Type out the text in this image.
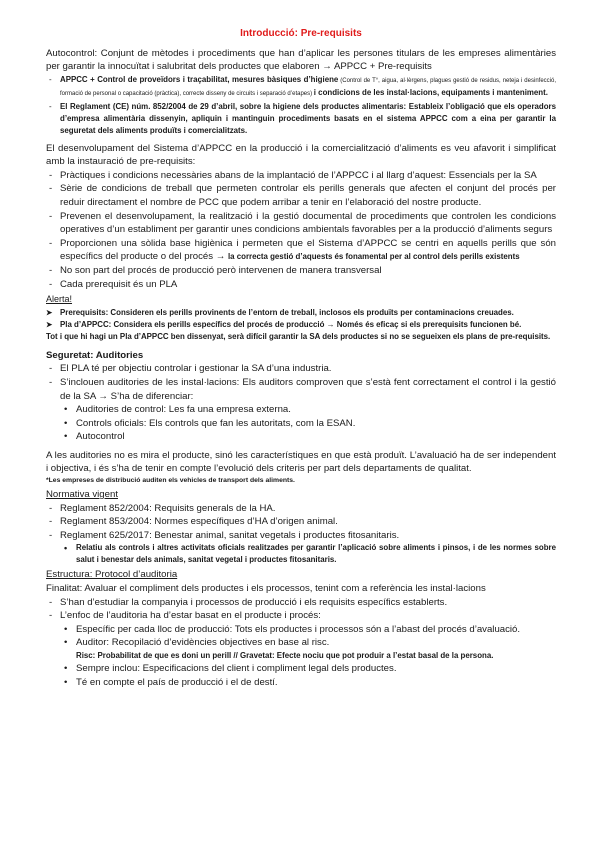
Introducció: Pre-requisits

Autocontrol: Conjunt de mètodes i procediments que han d’aplicar les persones titulars de les empreses alimentàries per garantir la innocuïtat i salubritat dels productes que elaboren → APPCC + Pre-requisits

- APPCC + Control de proveïdors i traçabilitat, mesures bàsiques d’higiene (Control de T°, aigua, al·lèrgens, plagues gestió de residus, neteja i desinfecció, formació de personal o capacitació (pràctica), correcte disseny de circuits i separació d’etapes) i condicions de les instal·lacions, equipaments i manteniment.
- El Reglament (CE) núm. 852/2004 de 29 d’abril, sobre la higiene dels productes alimentaris: Estableix l’obligació que els operadors d’empresa alimentària dissenyin, apliquin i mantinguin procediments basats en el sistema APPCC com a eina per garantir la seguretat dels aliments produïts i comercialitzats.

El desenvolupament del Sistema d’APPCC en la producció i la comercialització d’aliments es veu afavorit i simplificat amb la instauració de pre-requisits:

- Pràctiques i condicions necessàries abans de la implantació de l’APPCC i al llarg d’aquest: Essencials per la SA
- Sèrie de condicions de treball que permeten controlar els perills generals que afecten el conjunt del procés per reduir directament el nombre de PCC que podem arribar a tenir en l’elaboració del nostre producte.
- Prevenen el desenvolupament, la realització i la gestió documental de procediments que controlen les condicions operatives d’un establiment per garantir unes condicions ambientals favorables per a la producció d’aliments segurs
- Proporcionen una sòlida base higiènica i permeten que el Sistema d’APPCC se centri en aquells perills que són específics del producte o del procés → la correcta gestió d’aquests és fonamental per al control dels perills existents
- No son part del procés de producció però intervenen de manera transversal
- Cada prerequisit és un PLA
Alerta!
➤ Prerequisits: Consideren els perills provinents de l’entorn de treball, inclosos els produïts per contaminacions creuades.
➤ Pla d’APPCC: Considera els perills específics del procés de producció → Només és eficaç si els prerequisits funcionen bé.

Tot i que hi hagi un Pla d’APPCC ben dissenyat, serà difícil garantir la SA dels productes si no se segueixen els plans de pre-requisits.

Seguretat: Auditories
- El PLA té per objectiu controlar i gestionar la SA d’una industria.
- S’inclouen auditories de les instal·lacions: Els auditors comproven que s’està fent correctament el control i la gestió de la SA → S’ha de diferenciar:
• Auditories de control: Les fa una empresa externa.
• Controls oficials: Els controls que fan les autoritats, com la ESAN.
• Autocontrol

A les auditories no es mira el producte, sinó les característiques en que està produït. L’avaluació ha de ser independent i objectiva, i és s’ha de tenir en compte l’evolució dels criteris per part dels departaments de qualitat.

*Les empreses de distribució auditen els vehicles de transport dels aliments.

Normativa vigent
- Reglament 852/2004: Requisits generals de la HA.
- Reglament 853/2004: Normes específiques d’HA d’origen animal.
- Reglament 625/2017: Benestar animal, sanitat vegetals i productes fitosanitaris.
• Relatiu als controls i altres activitats oficials realitzades per garantir l’aplicació sobre aliments i pinsos, i de les normes sobre salut i benestar dels animals, sanitat vegetal i productes fitosanitaris.
Estructura: Protocol d’auditoria

Finalitat: Avaluar el compliment dels productes i els processos, tenint com a referència les instal·lacions

- S’han d’estudiar la companyia i processos de producció i els requisits específics establerts.
- L’enfoc de l’auditoria ha d’estar basat en el producte i procés:
• Específic per cada lloc de producció: Tots els productes i processos són a l’abast del procés d’avaluació.
• Auditor: Recopilació d’evidències objectives en base al risc.
Risc: Probabilitat de que es doni un perill // Gravetat: Efecte nociu que pot produir a l’estat basal de la persona.
• Sempre inclou: Especificacions del client i compliment legal dels productes.
• Té en compte el país de producció i el de destí.
